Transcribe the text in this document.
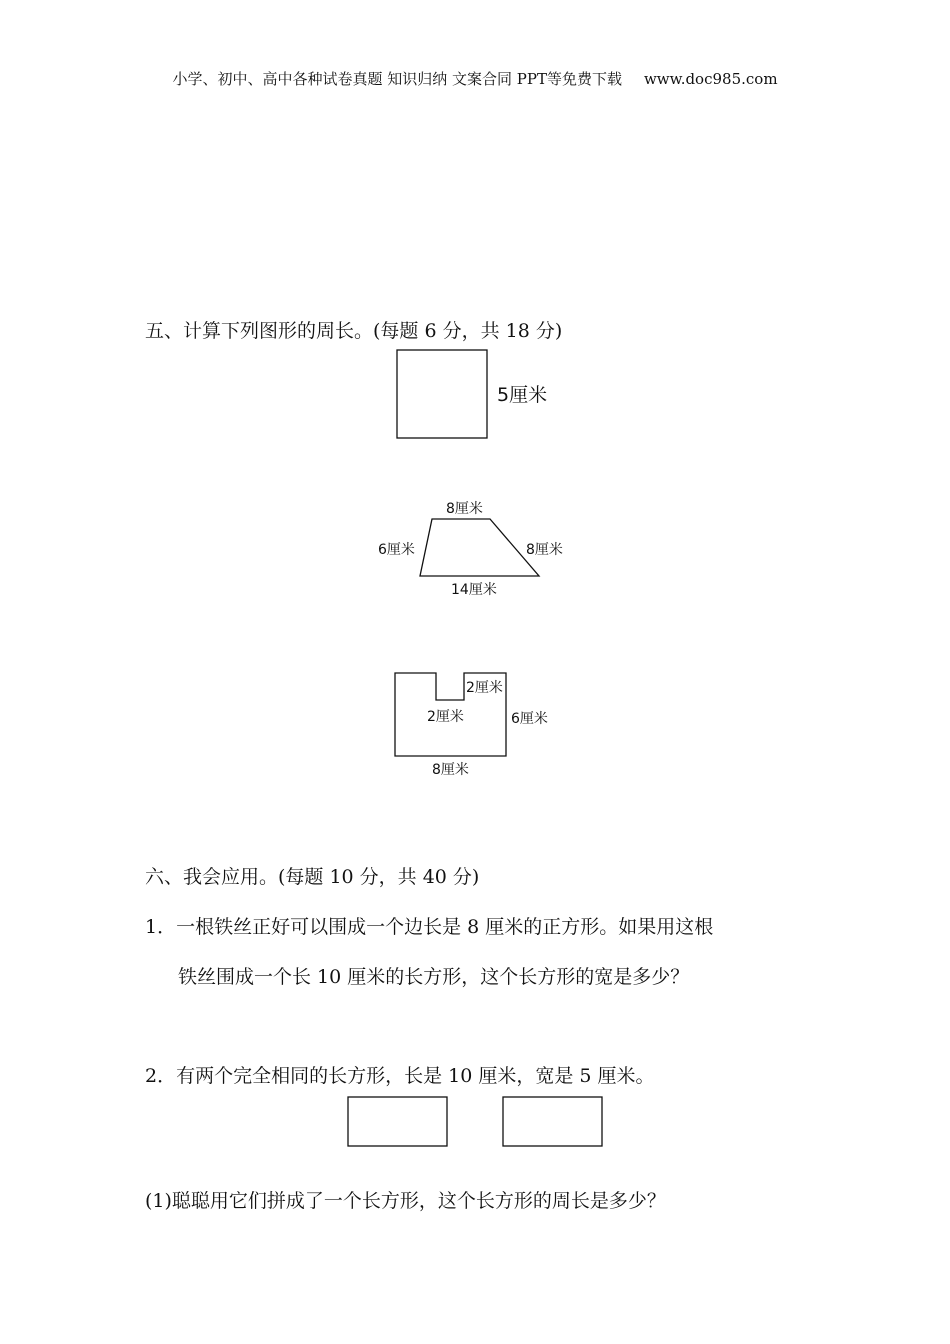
小学、初中、高中各种试卷真题 知识归纳 文案合同 PPT等免费下载 www.doc985.com
五、计算下列图形的周长。(每题 6 分，共 18 分)
5厘米
8厘米
6厘米	8厘米
14厘米
2厘米
2厘米	6厘米
8厘米
六、我会应用。(每题 10 分，共 40 分)
1．一根铁丝正好可以围成一个边长是 8 厘米的正方形。如果用这根
铁丝围成一个长 10 厘米的长方形，这个长方形的宽是多少？
2．有两个完全相同的长方形，长是 10 厘米，宽是 5 厘米。
(1)聪聪用它们拼成了一个长方形，这个长方形的周长是多少？
